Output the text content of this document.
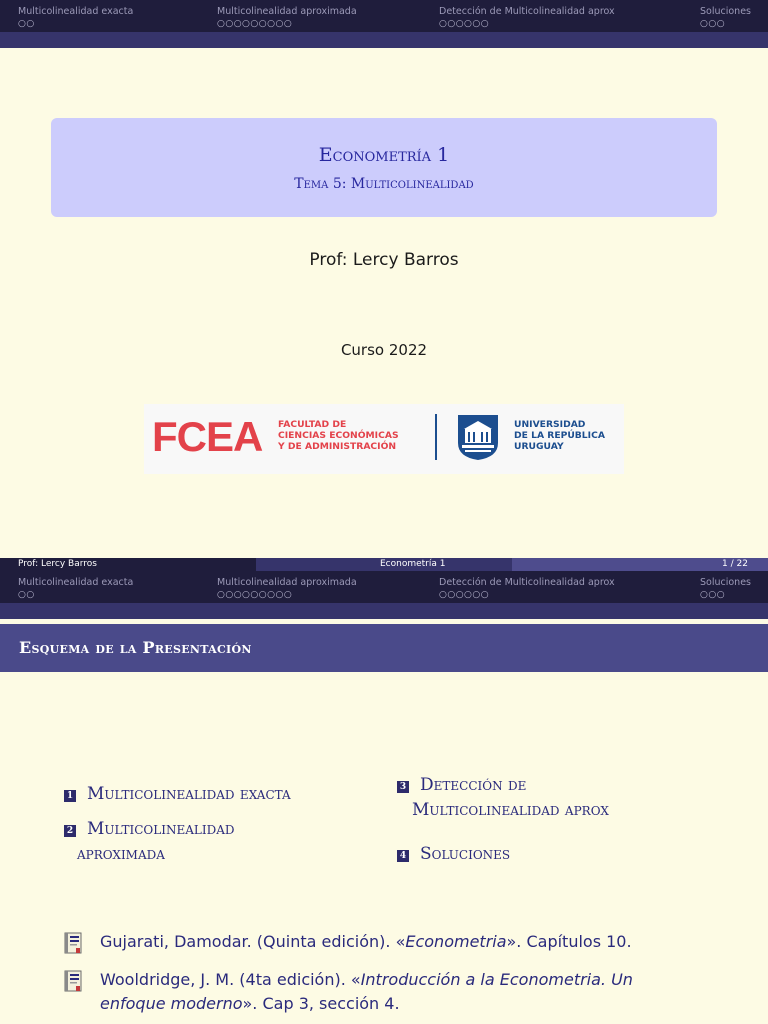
Multicolinealidad exacta
○○
Multicolinealidad aproximada
○○○○○○○○○
Detección de Multicolinealidad aprox
○○○○○○
Soluciones
○○○
Econometría 1
Tema 5: Multicolinealidad
Prof: Lercy Barros
Curso 2022
FCEA FACULTAD DE
CIENCIAS ECONÓMICAS
Y DE ADMINISTRACIÓN
UNIVERSIDAD
DE LA REPÚBLICA
URUGUAY
Prof: Lercy Barros	Econometría 1	1 / 22
Multicolinealidad exacta
○○
Multicolinealidad aproximada
○○○○○○○○○
Detección de Multicolinealidad aprox
○○○○○○
Soluciones
○○○
Esquema de la Presentación
1 Multicolinealidad exacta
2 Multicolinealidad
aproximada
3 Detección de
Multicolinealidad aprox
4 Soluciones
Gujarati, Damodar. (Quinta edición). «Econometria». Capítulos 10.
Wooldridge, J. M. (4ta edición). «Introducción a la Econometria. Un enfoque moderno». Cap 3, sección 4.
